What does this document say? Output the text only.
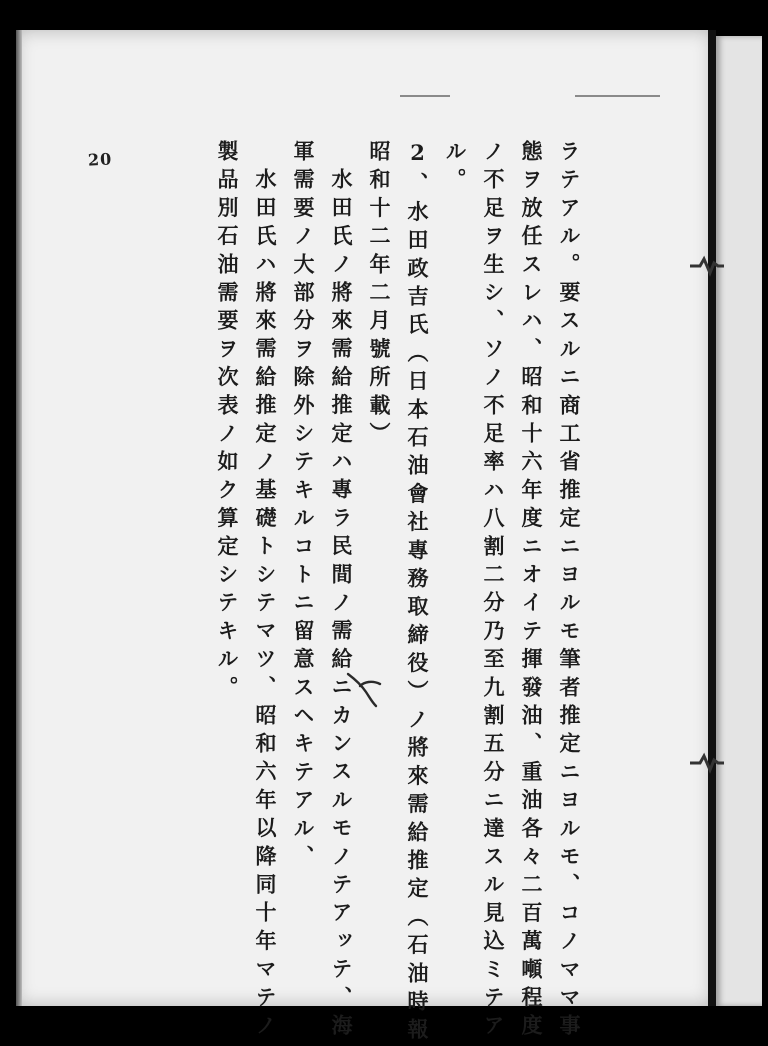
20	ラテアル。要スルニ商工省推定ニヨルモ筆者推定ニヨルモ、コノママ事
態ヲ放任スレハ、昭和十六年度ニオイテ揮發油、重油各々二百萬噸程度
ノ不足ヲ生シ、ソノ不足率ハ八割二分乃至九割五分ニ達スル見込ミテア
ル。
2、水田政吉氏（日本石油會社專務取締役）ノ將來需給推定（石油時報
昭和十二年二月號所載）
水田氏ノ將來需給推定ハ專ラ民間ノ需給ニカンスルモノテアッテ、海
軍需要ノ大部分ヲ除外シテキルコトニ留意スヘキテアル、
水田氏ハ將來需給推定ノ基礎トシテマツ、昭和六年以降同十年マテノ
製品別石油需要ヲ次表ノ如ク算定シテキル。
